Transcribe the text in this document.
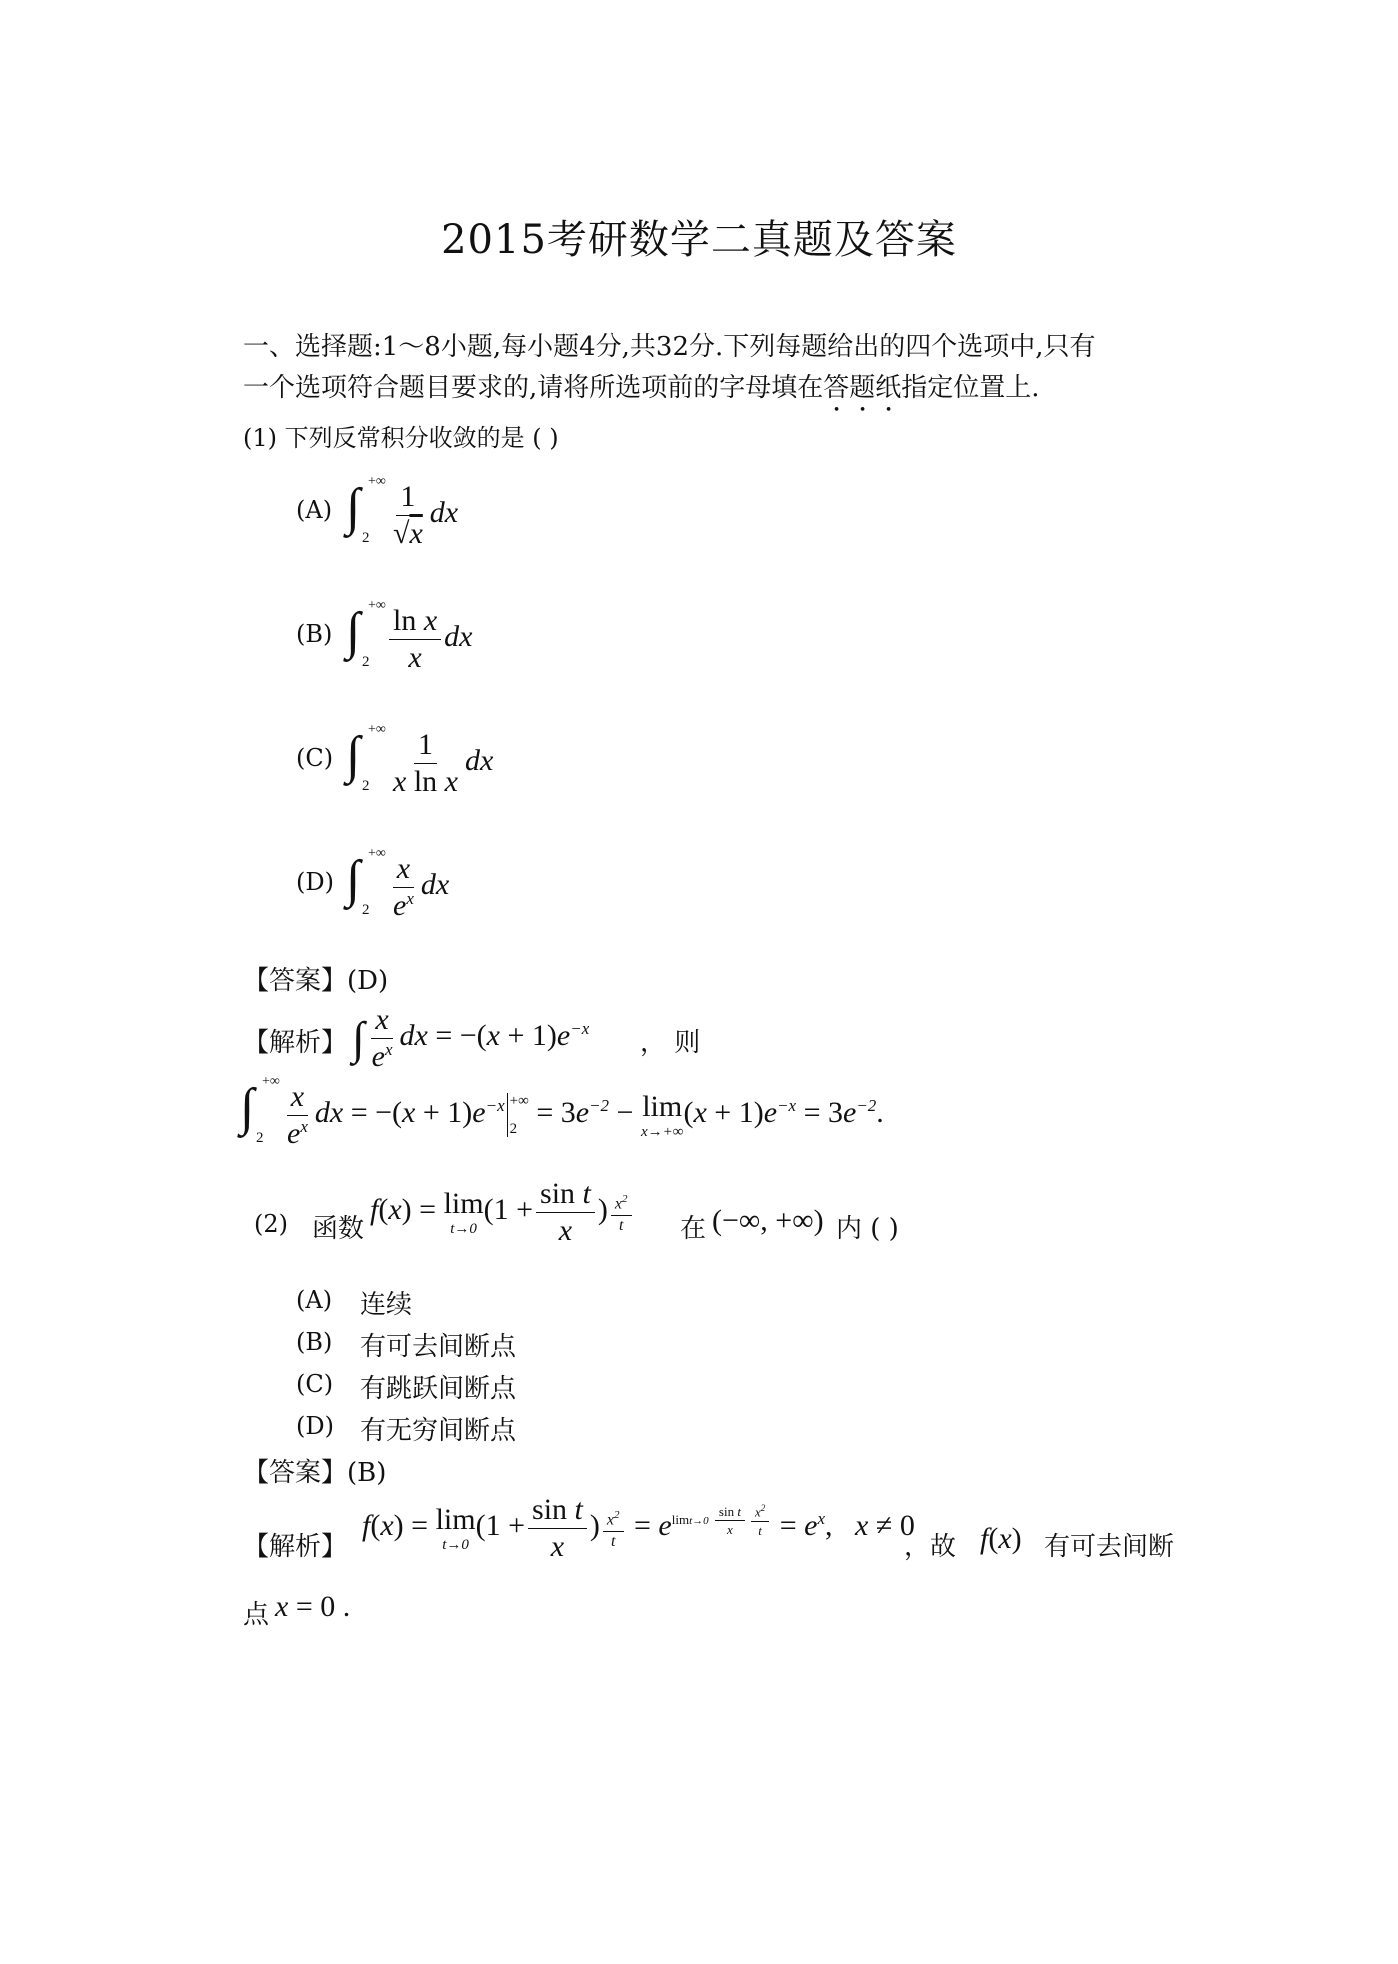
2015考研数学二真题及答案
一、选择题:1～8小题,每小题4分,共32分.下列每题给出的四个选项中,只有
一个选项符合题目要求的,请将所选项前的字母填在答题纸指定位置上.
(1) 下列反常积分收敛的是 ( )
(A) ∫ +∞
$2 \frac{1}{√x}$ dx
(B) ∫ +∞
$2 \frac{\text{ln x}}{x}$ dx
(C) ∫ +∞
$2 \frac{1}{\text{x ln x}}$ dx
(D) ∫ +∞
$2 \frac{x}{e^x}$ dx
【答案】(D)
【解析】 ∫ $\frac{x}{e^x}$ dx = $-(x + 1)e^{-x}$ ， 则
∫ +∞
$2 \frac{x}{e^x}$ dx = $-(x + 1)e^{-x}$ +∞
2
= $3e^{-2} - \lim$
x→+∞
$(x + 1)e^{-x} = 3e^{-2}$.
(2) 函数
f(x) = lim
t→0
($1 + \frac{\text{sin t}}{x}$ ) $\frac{x^2}{t}$ 在 (−∞, +∞) 内 ( )
(A) 连续
(B) 有可去间断点
(C) 有跳跃间断点
(D) 有无穷间断点
【答案】(B)
【解析】
f(x) = lim
t→0
($1 + \frac{\text{sin t}}{x}$ ) $\frac{x^2}{t} = e^{limt\to 0 \frac{\text{sin t}}{x} \frac{x^2}{t}} = e^x$,   x ≠ 0
，故 f(x) 有可去间断
点 x = 0 .
